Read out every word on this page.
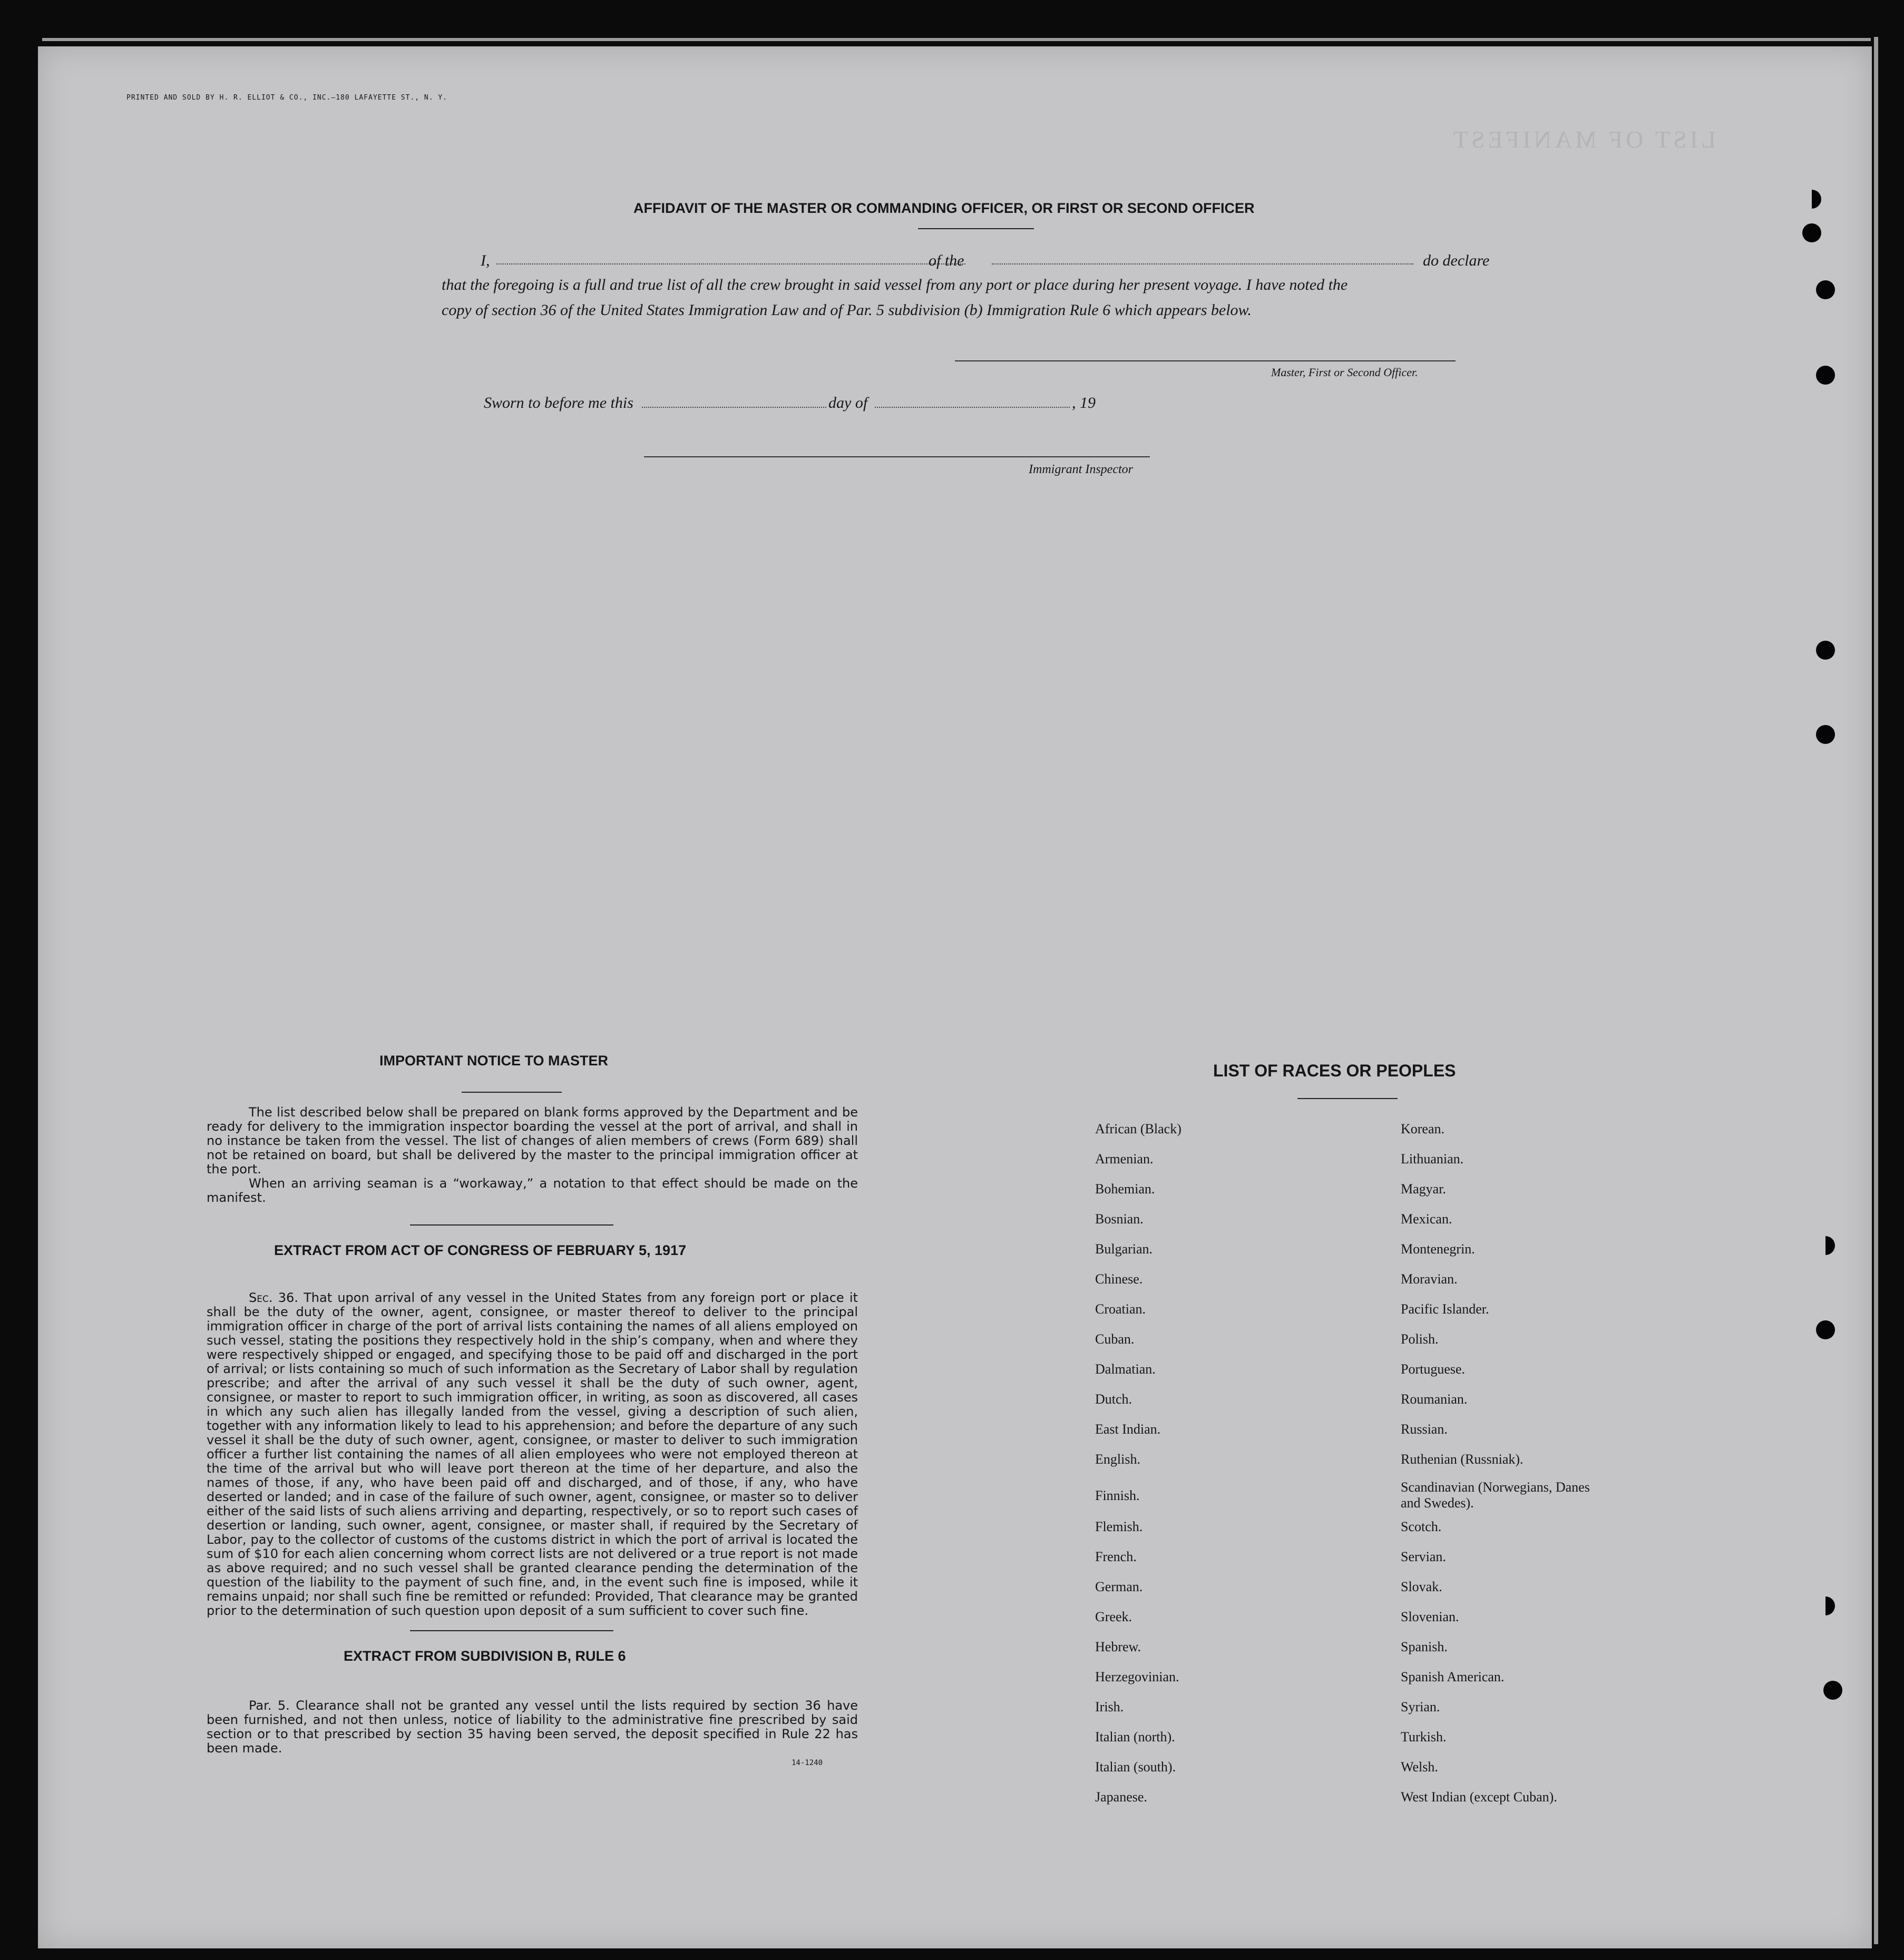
PRINTED AND SOLD BY H. R. ELLIOT & CO., INC.—180 LAFAYETTE ST., N. Y.
LIST OF MANIFEST
AFFIDAVIT OF THE MASTER OR COMMANDING OFFICER, OR FIRST OR SECOND OFFICER
I,	of the	do declare
that the foregoing is a full and true list of all the crew brought in said vessel from any port or place during her present voyage. I have noted the
copy of section 36 of the United States Immigration Law and of Par. 5 subdivision (b) Immigration Rule 6 which appears below.
Master, First or Second Officer.
Sworn to before me this	day of	, 19
Immigrant Inspector
IMPORTANT NOTICE TO MASTER

The list described below shall be prepared on blank forms approved by the Department and be ready for delivery to the immigration inspector boarding the vessel at the port of arrival, and shall in no instance be taken from the vessel. The list of changes of alien members of crews (Form 689) shall not be retained on board, but shall be delivered by the master to the principal immigration officer at the port.

When an arriving seaman is a “workaway,” a notation to that effect should be made on the manifest.

EXTRACT FROM ACT OF CONGRESS OF FEBRUARY 5, 1917

Sec. 36. That upon arrival of any vessel in the United States from any foreign port or place it shall be the duty of the owner, agent, consignee, or master thereof to deliver to the principal immigration officer in charge of the port of arrival lists containing the names of all aliens employed on such vessel, stating the positions they respectively hold in the ship’s company, when and where they were respectively shipped or engaged, and specifying those to be paid off and discharged in the port of arrival; or lists containing so much of such information as the Secretary of Labor shall by regulation prescribe; and after the arrival of any such vessel it shall be the duty of such owner, agent, consignee, or master to report to such immigration officer, in writing, as soon as discovered, all cases in which any such alien has illegally landed from the vessel, giving a description of such alien, together with any information likely to lead to his apprehension; and before the departure of any such vessel it shall be the duty of such owner, agent, consignee, or master to deliver to such immigration officer a further list containing the names of all alien employees who were not employed thereon at the time of the arrival but who will leave port thereon at the time of her departure, and also the names of those, if any, who have been paid off and discharged, and of those, if any, who have deserted or landed; and in case of the failure of such owner, agent, consignee, or master so to deliver either of the said lists of such aliens arriving and departing, respectively, or so to report such cases of desertion or landing, such owner, agent, consignee, or master shall, if required by the Secretary of Labor, pay to the collector of customs of the customs district in which the port of arrival is located the sum of $10 for each alien concerning whom correct lists are not delivered or a true report is not made as above required; and no such vessel shall be granted clearance pending the determination of the question of the liability to the payment of such fine, and, in the event such fine is imposed, while it remains unpaid; nor shall such fine be remitted or refunded: Provided, That clearance may be granted prior to the determination of such question upon deposit of a sum sufficient to cover such fine.

EXTRACT FROM SUBDIVISION B, RULE 6

Par. 5. Clearance shall not be granted any vessel until the lists required by section 36 have been furnished, and not then unless, notice of liability to the administrative fine prescribed by said section or to that prescribed by section 35 having been served, the deposit specified in Rule 22 has been made.

14-1240
LIST OF RACES OR PEOPLES
African (Black)
Armenian.
Bohemian.
Bosnian.
Bulgarian.
Chinese.
Croatian.
Cuban.
Dalmatian.
Dutch.
East Indian.
English.
Finnish.
Flemish.
French.
German.
Greek.
Hebrew.
Herzegovinian.
Irish.
Italian (north).
Italian (south).
Japanese.
Korean.
Lithuanian.
Magyar.
Mexican.
Montenegrin.
Moravian.
Pacific Islander.
Polish.
Portuguese.
Roumanian.
Russian.
Ruthenian (Russniak).
Scandinavian (Norwegians, Danes and Swedes).
Scotch.
Servian.
Slovak.
Slovenian.
Spanish.
Spanish American.
Syrian.
Turkish.
Welsh.
West Indian (except Cuban).
